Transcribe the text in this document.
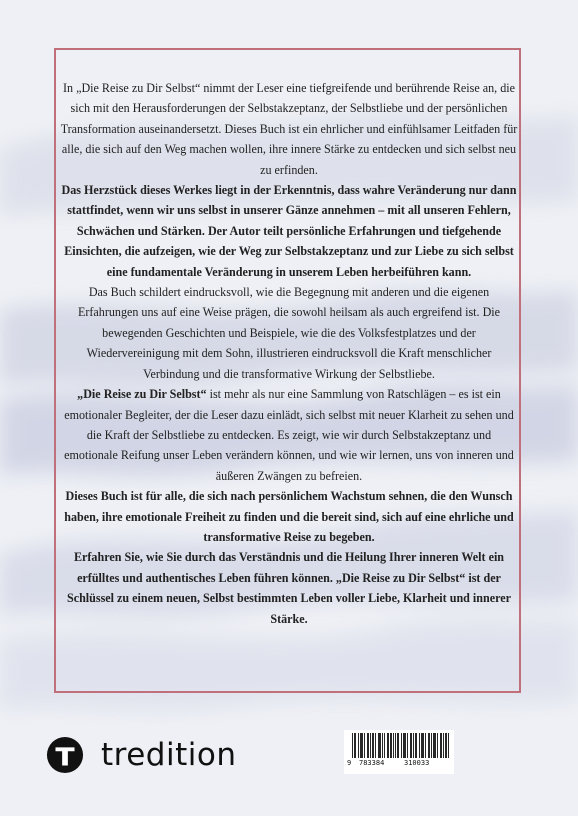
In „Die Reise zu Dir Selbst“ nimmt der Leser eine tiefgreifende und berührende Reise an, die sich mit den Herausforderungen der Selbstakzeptanz, der Selbstliebe und der persönlichen Transformation auseinandersetzt. Dieses Buch ist ein ehrlicher und einfühlsamer Leitfaden für alle, die sich auf den Weg machen wollen, ihre innere Stärke zu entdecken und sich selbst neu zu erfinden.

Das Herzstück dieses Werkes liegt in der Erkenntnis, dass wahre Veränderung nur dann stattfindet, wenn wir uns selbst in unserer Gänze annehmen – mit all unseren Fehlern, Schwächen und Stärken. Der Autor teilt persönliche Erfahrungen und tiefgehende Einsichten, die aufzeigen, wie der Weg zur Selbstakzeptanz und zur Liebe zu sich selbst eine fundamentale Veränderung in unserem Leben herbeiführen kann.

Das Buch schildert eindrucksvoll, wie die Begegnung mit anderen und die eigenen Erfahrungen uns auf eine Weise prägen, die sowohl heilsam als auch ergreifend ist. Die bewegenden Geschichten und Beispiele, wie die des Volksfestplatzes und der Wiedervereinigung mit dem Sohn, illustrieren eindrucksvoll die Kraft menschlicher Verbindung und die transformative Wirkung der Selbstliebe.

„Die Reise zu Dir Selbst“ ist mehr als nur eine Sammlung von Ratschlägen – es ist ein emotionaler Begleiter, der die Leser dazu einlädt, sich selbst mit neuer Klarheit zu sehen und die Kraft der Selbstliebe zu entdecken. Es zeigt, wie wir durch Selbstakzeptanz und emotionale Reifung unser Leben verändern können, und wie wir lernen, uns von inneren und äußeren Zwängen zu befreien.

Dieses Buch ist für alle, die sich nach persönlichem Wachstum sehnen, die den Wunsch haben, ihre emotionale Freiheit zu finden und die bereit sind, sich auf eine ehrliche und transformative Reise zu begeben.

Erfahren Sie, wie Sie durch das Verständnis und die Heilung Ihrer inneren Welt ein erfülltes und authentisches Leben führen können. „Die Reise zu Dir Selbst“ ist der Schlüssel zu einem neuen, Selbst bestimmten Leben voller Liebe, Klarheit und innerer Stärke.

tredition	9 783384	310033
